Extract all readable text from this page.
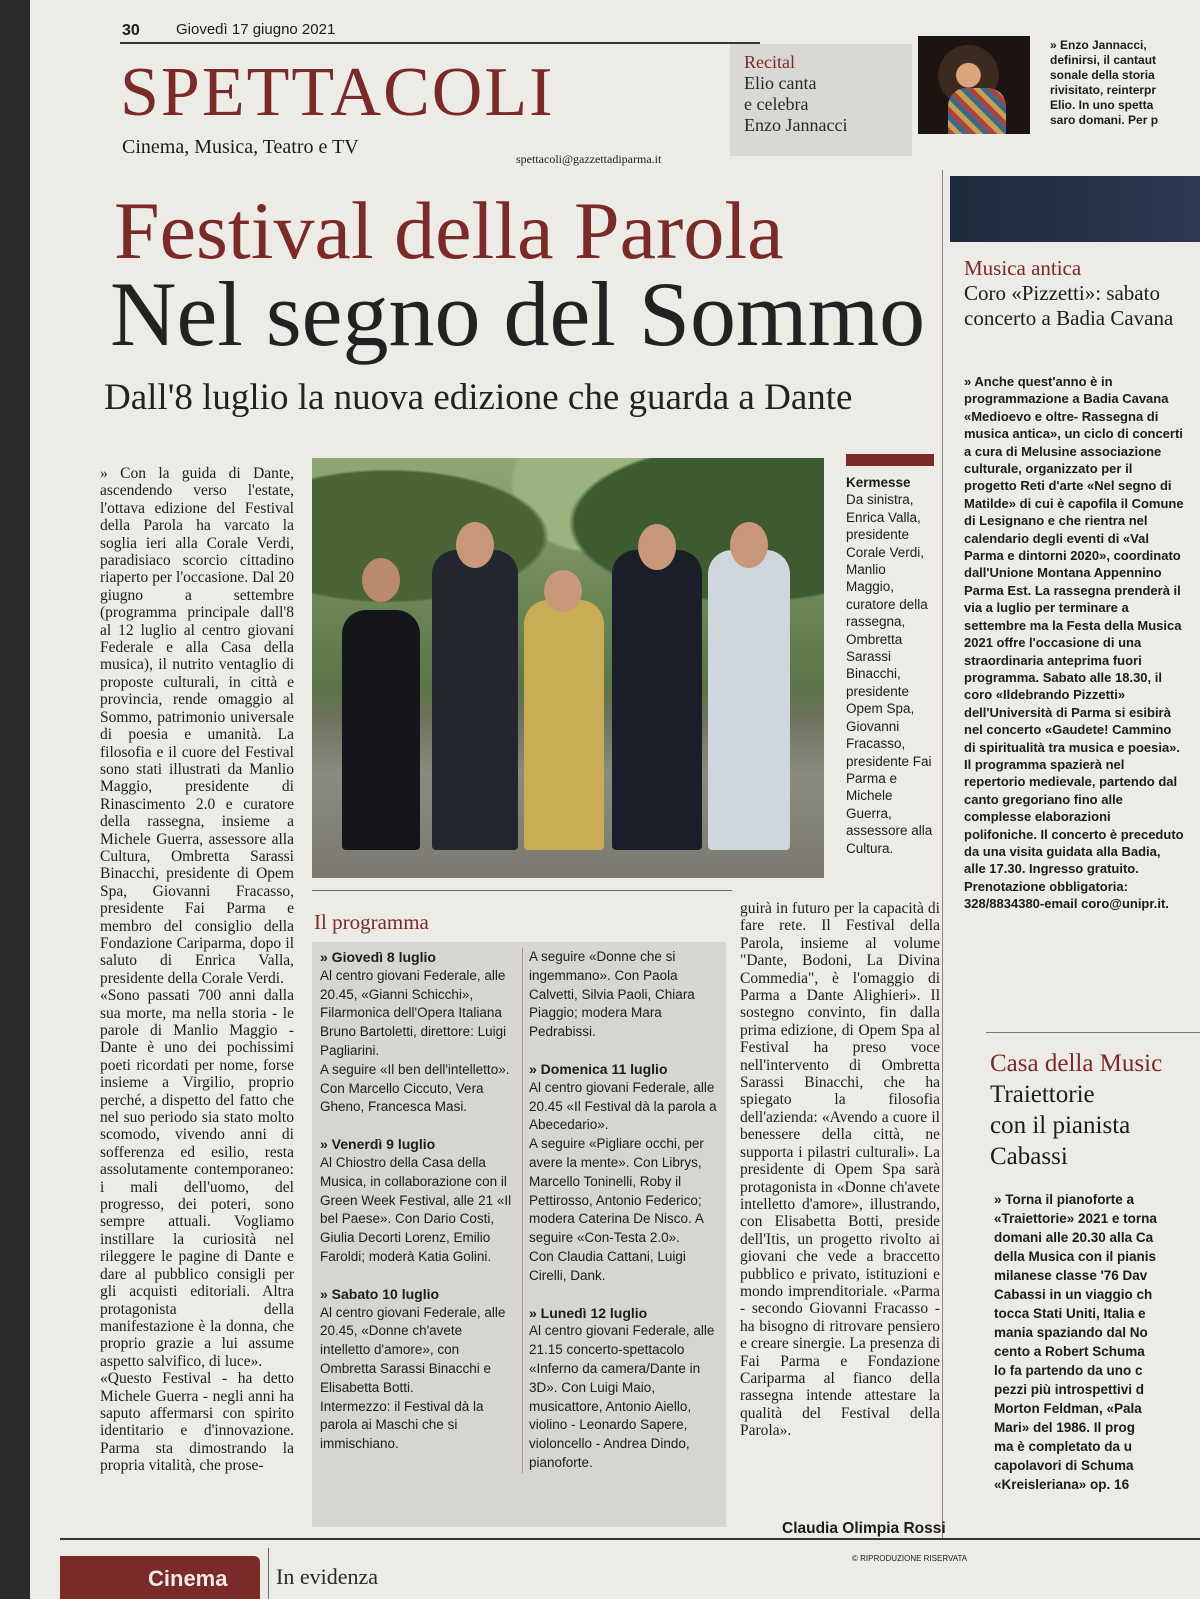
30 Giovedì 17 giugno 2021
SPETTACOLI
Cinema, Musica, Teatro e TV
spettacoli@gazzettadiparma.it
Recital
Elio canta
e celebra
Enzo Jannacci
» Enzo Jannacci,
definirsi, il cantaut
sonale della storia
rivisitato, reinterpr
Elio. In uno spetta
saro domani. Per p
Festival della Parola
Nel segno del Sommo
Dall'8 luglio la nuova edizione che guarda a Dante

» Con la guida di Dante, ascendendo verso l'estate, l'ottava edizione del Festival della Parola ha varcato la soglia ieri alla Corale Verdi, paradisiaco scorcio cittadino riaperto per l'occasione. Dal 20 giugno a settembre (programma principale dall'8 al 12 luglio al centro giovani Federale e alla Casa della musica), il nutrito ventaglio di proposte culturali, in città e provincia, rende omaggio al Sommo, patrimonio universale di poesia e umanità. La filosofia e il cuore del Festival sono stati illustrati da Manlio Maggio, presidente di Rinascimento 2.0 e curatore della rassegna, insieme a Michele Guerra, assessore alla Cultura, Ombretta Sarassi Binacchi, presidente di Opem Spa, Giovanni Fracasso, presidente Fai Parma e membro del consiglio della Fondazione Cariparma, dopo il saluto di Enrica Valla, presidente della Corale Verdi.

«Sono passati 700 anni dalla sua morte, ma nella storia - le parole di Manlio Maggio - Dante è uno dei pochissimi poeti ricordati per nome, forse insieme a Virgilio, proprio perché, a dispetto del fatto che nel suo periodo sia stato molto scomodo, vivendo anni di sofferenza ed esilio, resta assolutamente contemporaneo: i mali dell'uomo, del progresso, dei poteri, sono sempre attuali. Vogliamo instillare la curiosità nel rileggere le pagine di Dante e dare al pubblico consigli per gli acquisti editoriali. Altra protagonista della manifestazione è la donna, che proprio grazie a lui assume aspetto salvifico, di luce».

«Questo Festival - ha detto Michele Guerra - negli anni ha saputo affermarsi con spirito identitario e d'innovazione. Parma sta dimostrando la propria vitalità, che prose-

Kermesse
Da sinistra, Enrica Valla, presidente Corale Verdi, Manlio Maggio, curatore della rassegna, Ombretta Sarassi Binacchi, presidente Opem Spa, Giovanni Fracasso, presidente Fai Parma e Michele Guerra, assessore alla Cultura.
Il programma
» Giovedì 8 luglio
Al centro giovani Federale, alle 20.45, «Gianni Schicchi», Filarmonica dell'Opera Italiana Bruno Bartoletti, direttore: Luigi Pagliarini.
A seguire «Il ben dell'intelletto». Con Marcello Ciccuto, Vera Gheno, Francesca Masi.
» Venerdì 9 luglio
Al Chiostro della Casa della Musica, in collaborazione con il Green Week Festival, alle 21 «Il bel Paese». Con Dario Costi, Giulia Decorti Lorenz, Emilio Faroldi; moderà Katia Golini.
» Sabato 10 luglio
Al centro giovani Federale, alle 20.45, «Donne ch'avete intelletto d'amore», con Ombretta Sarassi Binacchi e Elisabetta Botti.
Intermezzo: il Festival dà la parola ai Maschi che si immischiano.
A seguire «Donne che si ingemmano». Con Paola Calvetti, Silvia Paoli, Chiara Piaggio; modera Mara Pedrabissi.
» Domenica 11 luglio
Al centro giovani Federale, alle 20.45 «Il Festival dà la parola a Abecedario».
A seguire «Pigliare occhi, per avere la mente». Con Librys, Marcello Toninelli, Roby il Pettirosso, Antonio Federico; modera Caterina De Nisco. A seguire «Con-Testa 2.0».
Con Claudia Cattani, Luigi Cirelli, Dank.
» Lunedì 12 luglio
Al centro giovani Federale, alle 21.15 concerto-spettacolo «Inferno da camera/Dante in 3D». Con Luigi Maio, musicattore, Antonio Aiello, violino - Leonardo Sapere, violoncello - Andrea Dindo, pianoforte.
guirà in futuro per la capacità di fare rete. Il Festival della Parola, insieme al volume "Dante, Bodoni, La Divina Commedia", è l'omaggio di Parma a Dante Alighieri». Il sostegno convinto, fin dalla prima edizione, di Opem Spa al Festival ha preso voce nell'intervento di Ombretta Sarassi Binacchi, che ha spiegato la filosofia dell'azienda: «Avendo a cuore il benessere della città, ne supporta i pilastri culturali». La presidente di Opem Spa sarà protagonista in «Donne ch'avete intelletto d'amore», illustrando, con Elisabetta Botti, preside dell'Itis, un progetto rivolto ai giovani che vede a braccetto pubblico e privato, istituzioni e mondo imprenditoriale. «Parma - secondo Giovanni Fracasso - ha bisogno di ritrovare pensiero e creare sinergie. La presenza di Fai Parma e Fondazione Cariparma al fianco della rassegna intende attestare la qualità del Festival della Parola».
Claudia Olimpia Rossi
© RIPRODUZIONE RISERVATA
Musica antica
Coro «Pizzetti»: sabato concerto a Badia Cavana
» Anche quest'anno è in programmazione a Badia Cavana «Medioevo e oltre- Rassegna di musica antica», un ciclo di concerti a cura di Melusine associazione culturale, organizzato per il progetto Reti d'arte «Nel segno di Matilde» di cui è capofila il Comune di Lesignano e che rientra nel calendario degli eventi di «Val Parma e dintorni 2020», coordinato dall'Unione Montana Appennino Parma Est. La rassegna prenderà il via a luglio per terminare a settembre ma la Festa della Musica 2021 offre l'occasione di una straordinaria anteprima fuori programma. Sabato alle 18.30, il coro «Ildebrando Pizzetti» dell'Università di Parma si esibirà nel concerto «Gaudete! Cammino di spiritualità tra musica e poesia». Il programma spazierà nel repertorio medievale, partendo dal canto gregoriano fino alle complesse elaborazioni polifoniche. Il concerto è preceduto da una visita guidata alla Badia, alle 17.30. Ingresso gratuito. Prenotazione obbligatoria: 328/8834380-email coro@unipr.it.
Casa della Music
Traiettorie
con il pianista
Cabassi
» Torna il pianoforte a
«Traiettorie» 2021 e torna
domani alle 20.30 alla Ca
della Musica con il pianis
milanese classe '76 Dav
Cabassi in un viaggio ch
tocca Stati Uniti, Italia e
mania spaziando dal No
cento a Robert Schuma
lo fa partendo da uno c
pezzi più introspettivi d
Morton Feldman, «Pala
Mari» del 1986. Il prog
ma è completato da u
capolavori di Schuma
«Kreisleriana» op. 16
Cinema	In evidenza
